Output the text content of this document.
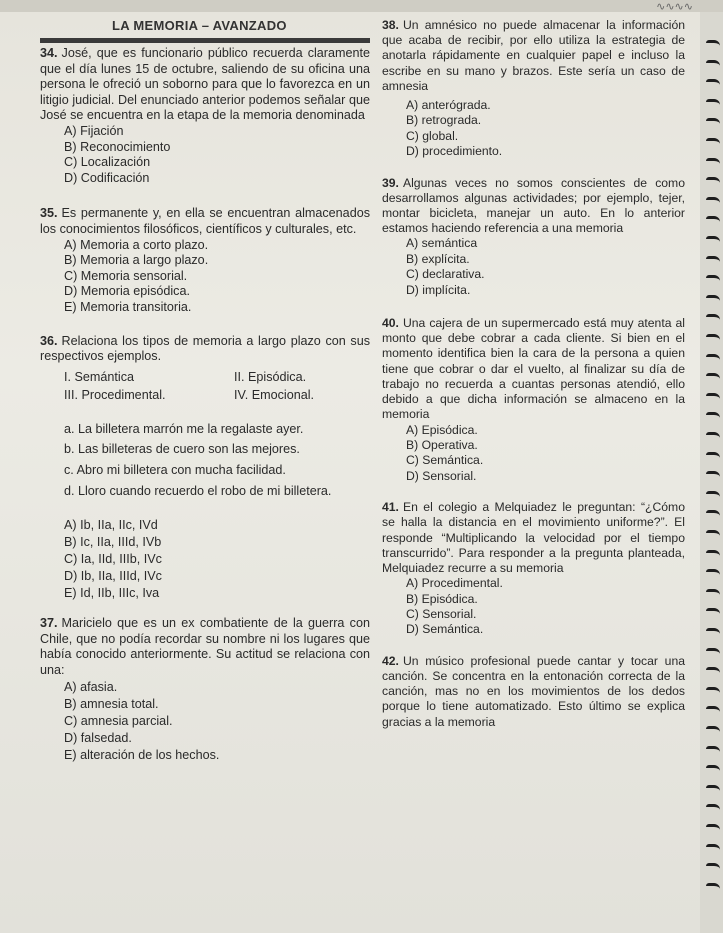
∿∿∿∿
LA MEMORIA – AVANZADO
34. José, que es funcionario público recuerda claramente que el día lunes 15 de octubre, saliendo de su oficina una persona le ofreció un soborno para que lo favorezca en un litigio judicial. Del enunciado anterior podemos señalar que José se encuentra en la etapa de la memoria denominada
A) Fijación
B) Reconocimiento
C) Localización
D) Codificación
35. Es permanente y, en ella se encuentran almacenados los conocimientos filosóficos, científicos y culturales, etc.
A) Memoria a corto plazo.
B) Memoria a largo plazo.
C) Memoria sensorial.
D) Memoria episódica.
E) Memoria transitoria.
36. Relaciona los tipos de memoria a largo plazo con sus respectivos ejemplos.
I. Semántica	II. Episódica.
III. Procedimental.	IV. Emocional.
a. La billetera marrón me la regalaste ayer.
b. Las billeteras de cuero son las mejores.
c. Abro mi billetera con mucha facilidad.
d. Lloro cuando recuerdo el robo de mi billetera.
A) Ib, IIa, IIc, IVd
B) Ic, IIa, IIId, IVb
C) Ia, IId, IIIb, IVc
D) Ib, IIa, IIId, IVc
E) Id, IIb, IIIc, Iva
37. Maricielo que es un ex combatiente de la guerra con Chile, que no podía recordar su nombre ni los lugares que había conocido anteriormente. Su actitud se relaciona con una:
A) afasia.
B) amnesia total.
C) amnesia parcial.
D) falsedad.
E) alteración de los hechos.
38. Un amnésico no puede almacenar la información que acaba de recibir, por ello utiliza la estrategia de anotarla rápidamente en cualquier papel e incluso la escribe en su mano y brazos. Este sería un caso de amnesia
A) anterógrada.
B) retrograda.
C) global.
D) procedimiento.
39. Algunas veces no somos conscientes de como desarrollamos algunas actividades; por ejemplo, tejer, montar bicicleta, manejar un auto. En lo anterior estamos haciendo referencia a una memoria
A) semántica
B) explícita.
C) declarativa.
D) implícita.
40. Una cajera de un supermercado está muy atenta al monto que debe cobrar a cada cliente. Si bien en el momento identifica bien la cara de la persona a quien tiene que cobrar o dar el vuelto, al finalizar su día de trabajo no recuerda a cuantas personas atendió, ello debido a que dicha información se almaceno en la memoria
A) Episódica.
B) Operativa.
C) Semántica.
D) Sensorial.
41. En el colegio a Melquiadez le preguntan: “¿Cómo se halla la distancia en el movimiento uniforme?”. El responde “Multiplicando la velocidad por el tiempo transcurrido”. Para responder a la pregunta planteada, Melquiadez recurre a su memoria
A) Procedimental.
B) Episódica.
C) Sensorial.
D) Semántica.
42. Un músico profesional puede cantar y tocar una canción. Se concentra en la entonación correcta de la canción, mas no en los movimientos de los dedos porque lo tiene automatizado. Esto último se explica gracias a la memoria
